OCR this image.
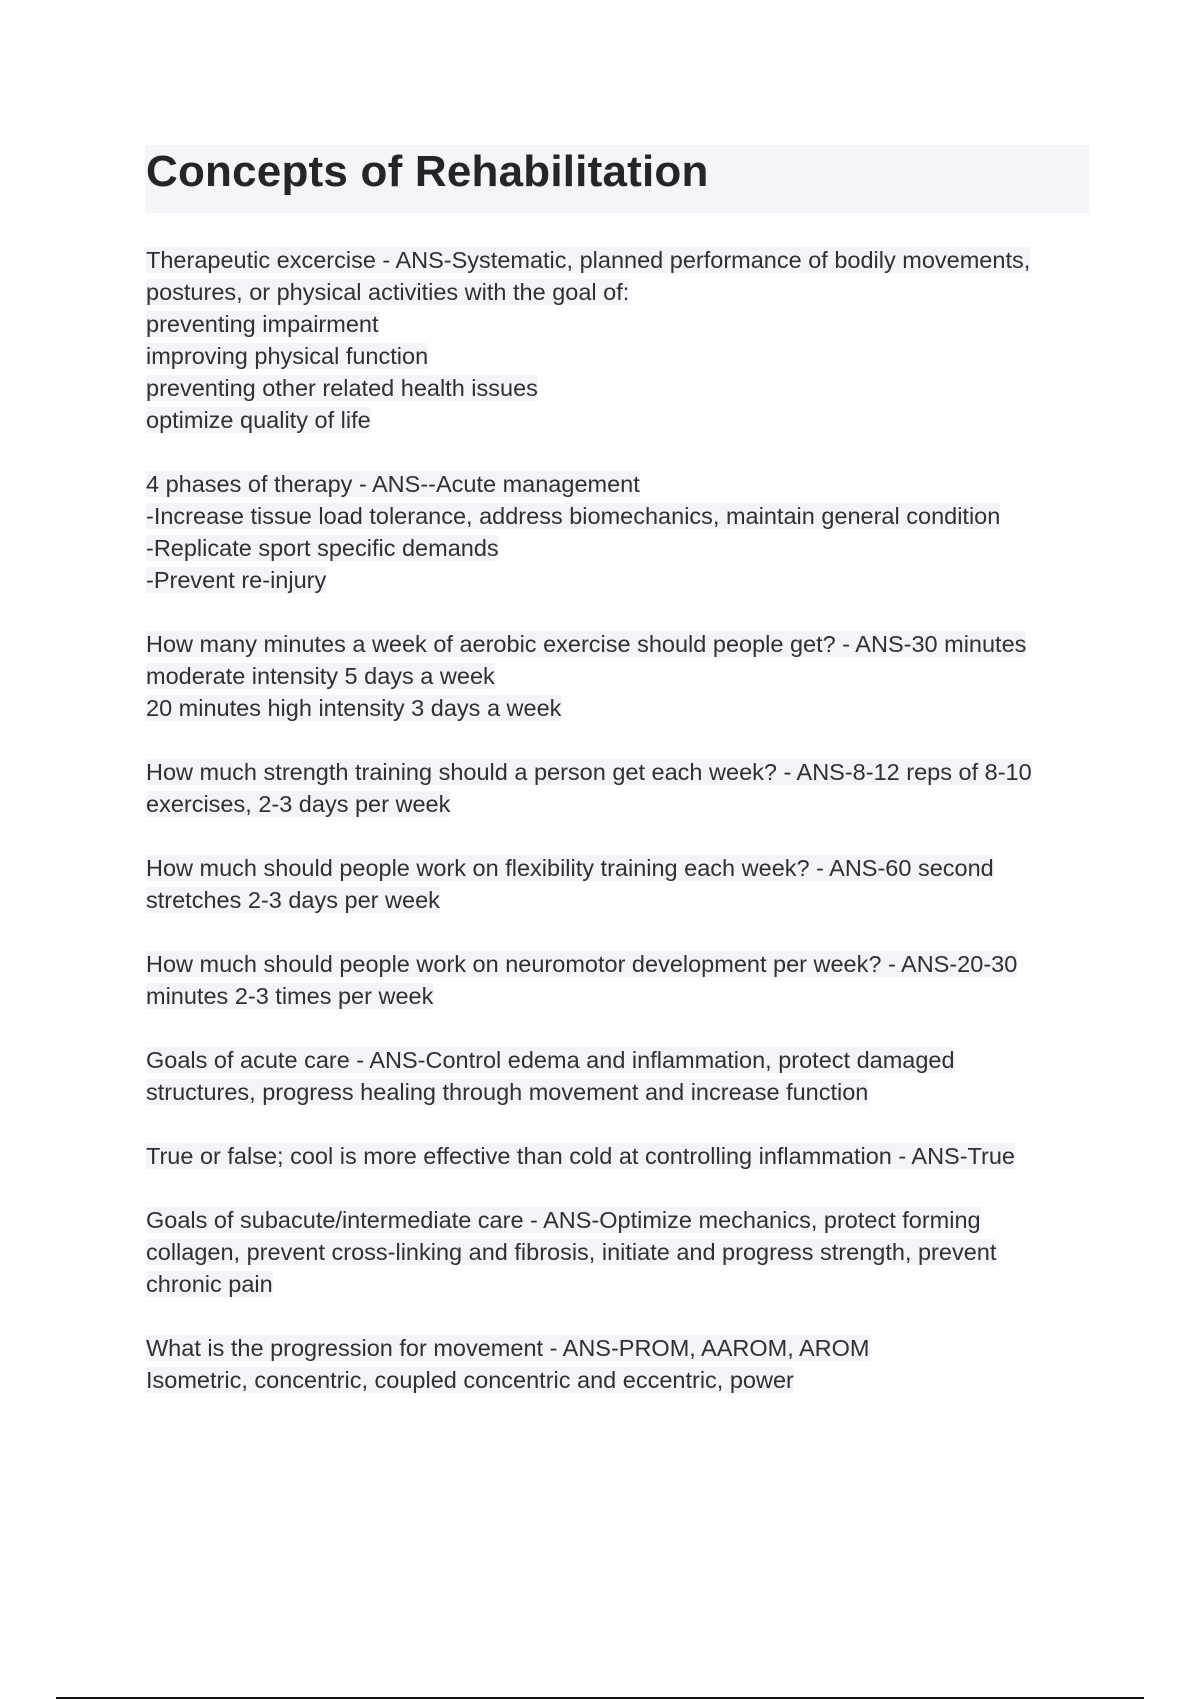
Concepts of Rehabilitation
Therapeutic excercise - ANS-Systematic, planned performance of bodily movements,
postures, or physical activities with the goal of:
preventing impairment
improving physical function
preventing other related health issues
optimize quality of life
4 phases of therapy - ANS--Acute management
-Increase tissue load tolerance, address biomechanics, maintain general condition
-Replicate sport specific demands
-Prevent re-injury
How many minutes a week of aerobic exercise should people get? - ANS-30 minutes
moderate intensity 5 days a week
20 minutes high intensity 3 days a week
How much strength training should a person get each week? - ANS-8-12 reps of 8-10
exercises, 2-3 days per week
How much should people work on flexibility training each week? - ANS-60 second
stretches 2-3 days per week
How much should people work on neuromotor development per week? - ANS-20-30
minutes 2-3 times per week
Goals of acute care - ANS-Control edema and inflammation, protect damaged
structures, progress healing through movement and increase function
True or false; cool is more effective than cold at controlling inflammation - ANS-True
Goals of subacute/intermediate care - ANS-Optimize mechanics, protect forming
collagen, prevent cross-linking and fibrosis, initiate and progress strength, prevent
chronic pain
What is the progression for movement - ANS-PROM, AAROM, AROM
Isometric, concentric, coupled concentric and eccentric, power
